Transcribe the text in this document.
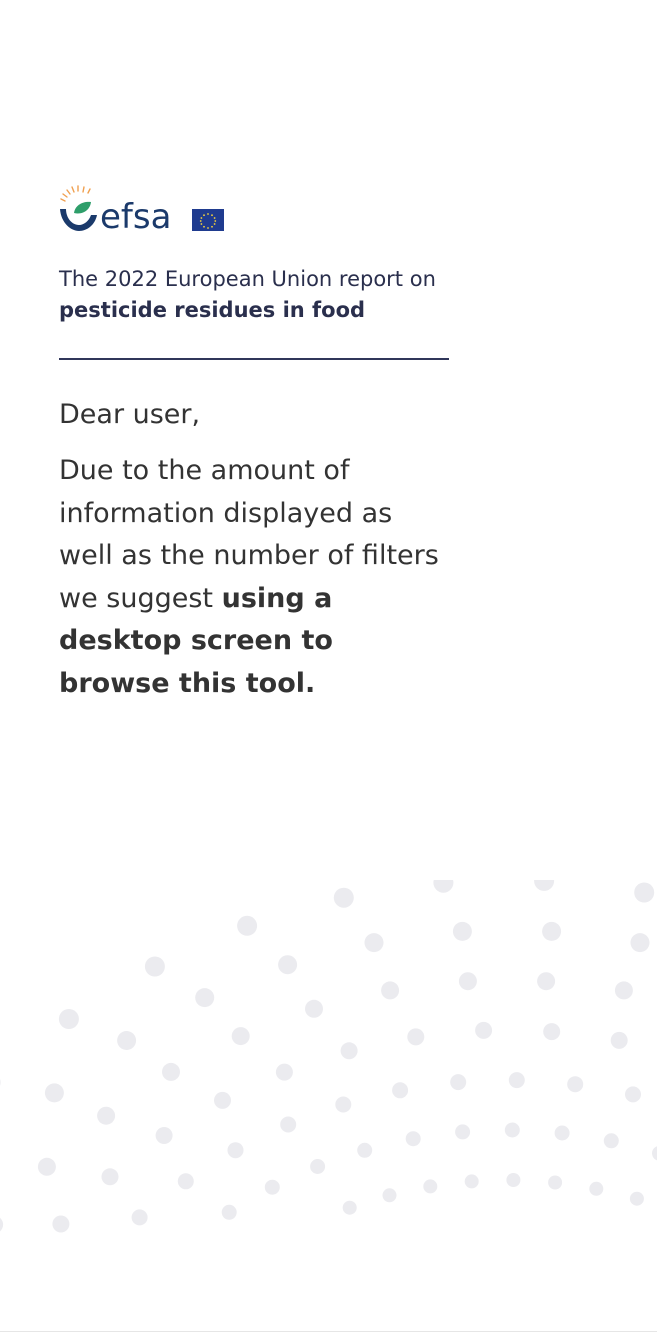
efsa
The 2022 European Union report on pesticide residues in food
Dear user,
Due to the amount of information displayed as well as the number of filters we suggest using a desktop screen to browse this tool.
